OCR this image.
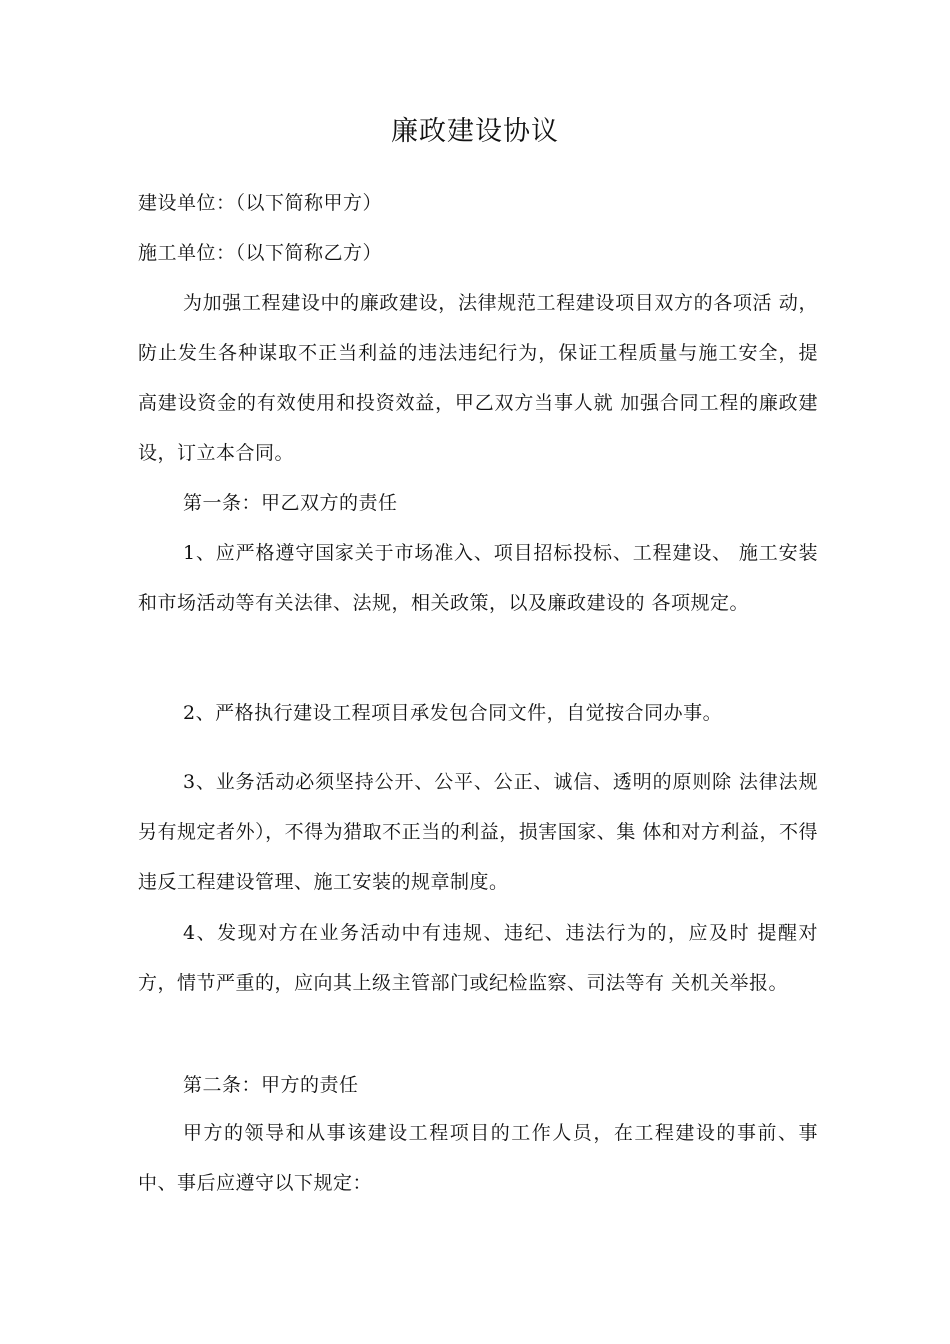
廉政建设协议

建设单位：（以下简称甲方）

施工单位：（以下简称乙方）

为加强工程建设中的廉政建设，法律规范工程建设项目双方的各项活 动，防止发生各种谋取不正当利益的违法违纪行为，保证工程质量与施工安全，提高建设资金的有效使用和投资效益，甲乙双方当事人就 加强合同工程的廉政建设，订立本合同。

第一条：甲乙双方的责任

1、应严格遵守国家关于市场准入、项目招标投标、工程建设、 施工安装和市场活动等有关法律、法规，相关政策，以及廉政建设的 各项规定。

2、严格执行建设工程项目承发包合同文件，自觉按合同办事。

3、业务活动必须坚持公开、公平、公正、诚信、透明的原则除 法律法规另有规定者外），不得为猎取不正当的利益，损害国家、集 体和对方利益，不得违反工程建设管理、施工安装的规章制度。

4、发现对方在业务活动中有违规、违纪、违法行为的，应及时 提醒对方，情节严重的，应向其上级主管部门或纪检监察、司法等有 关机关举报。

第二条：甲方的责任

甲方的领导和从事该建设工程项目的工作人员，在工程建设的事前、事中、事后应遵守以下规定：
